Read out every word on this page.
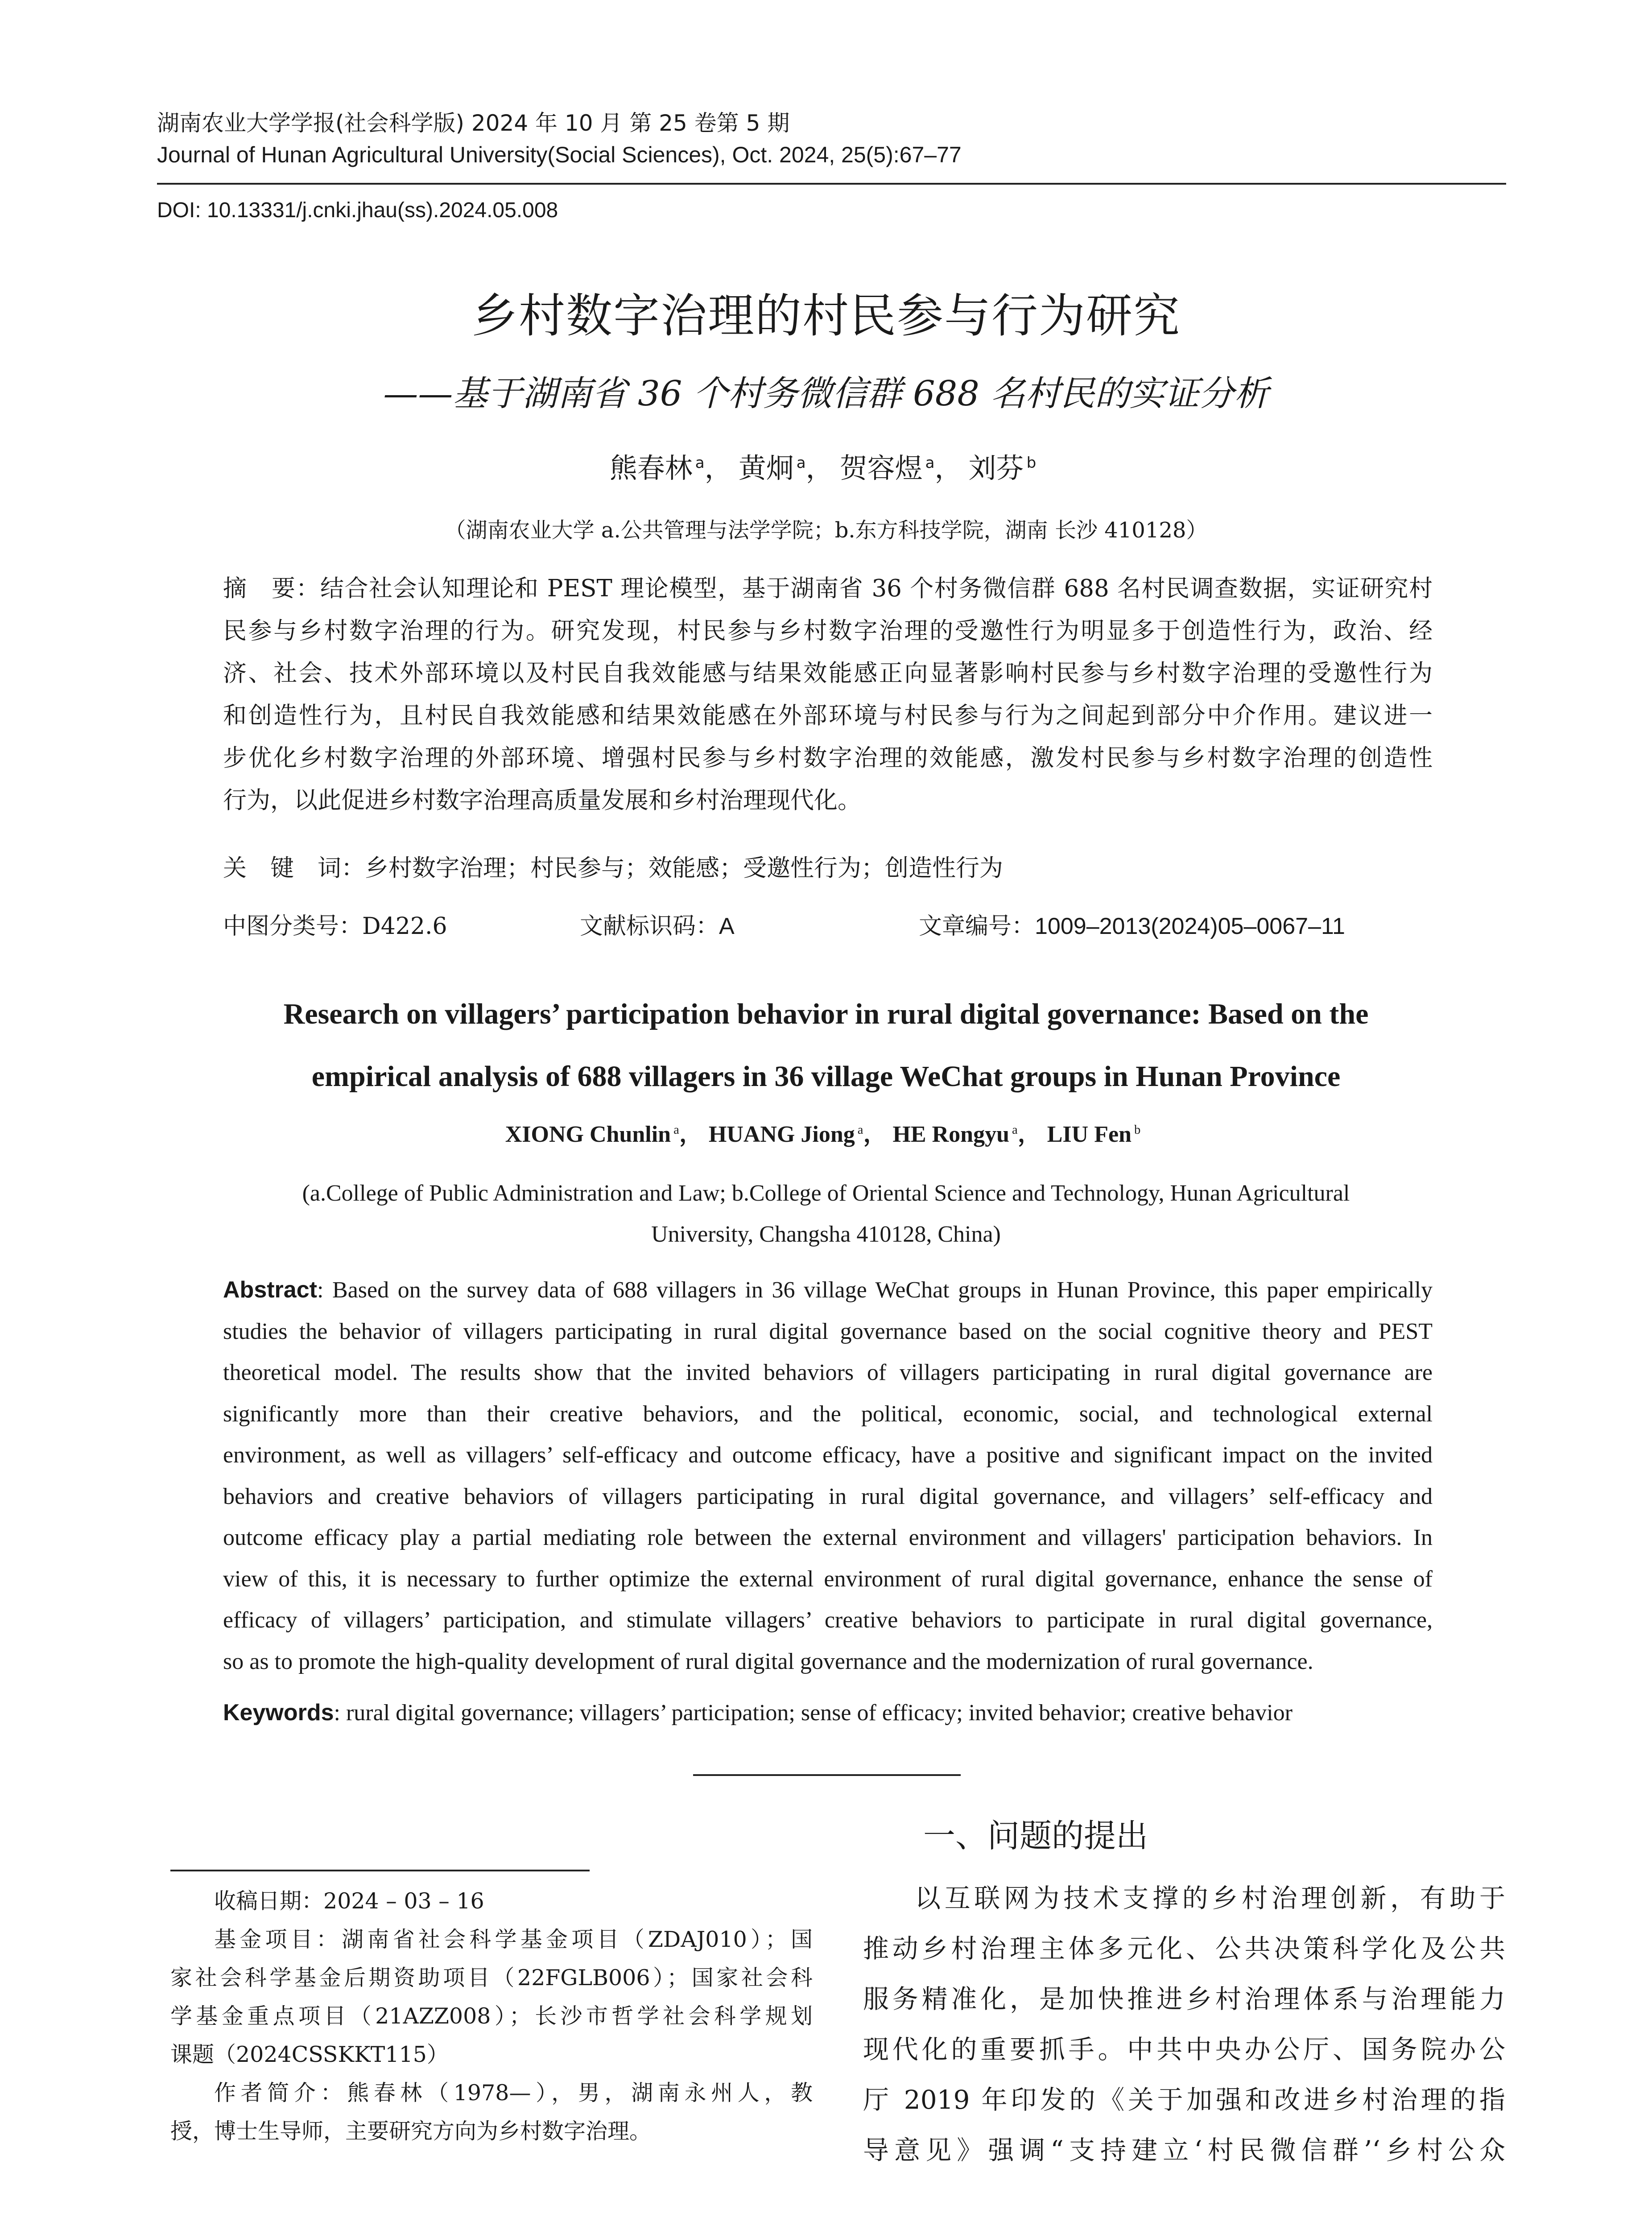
湖南农业大学学报(社会科学版) 2024 年 10 月 第 25 卷第 5 期
Journal of Hunan Agricultural University(Social Sciences), Oct. 2024, 25(5):67–77
DOI: 10.13331/j.cnki.jhau(ss).2024.05.008
乡村数字治理的村民参与行为研究
——基于湖南省 36 个村务微信群 688 名村民的实证分析
熊春林 $^a$， 黄炯 $^a$， 贺容煜 $^a$， 刘芬 $^b$
（湖南农业大学 a.公共管理与法学学院；b.东方科技学院，湖南 长沙 410128）
摘　要：结合社会认知理论和 PEST 理论模型，基于湖南省 36 个村务微信群 688 名村民调查数据，实证研究村
民参与乡村数字治理的行为。研究发现，村民参与乡村数字治理的受邀性行为明显多于创造性行为，政治、经
济、社会、技术外部环境以及村民自我效能感与结果效能感正向显著影响村民参与乡村数字治理的受邀性行为
和创造性行为，且村民自我效能感和结果效能感在外部环境与村民参与行为之间起到部分中介作用。建议进一
步优化乡村数字治理的外部环境、增强村民参与乡村数字治理的效能感，激发村民参与乡村数字治理的创造性
行为，以此促进乡村数字治理高质量发展和乡村治理现代化。
关　键　词：乡村数字治理；村民参与；效能感；受邀性行为；创造性行为
中图分类号：D422.6	文献标识码：A	文章编号：1009–2013(2024)05–0067–11
Research on villagers’ participation behavior in rural digital governance: Based on the
empirical analysis of 688 villagers in 36 village WeChat groups in Hunan Province
XIONG Chunlin $^a$， HUANG Jiong $^a$， HE Rongyu $^a$， LIU Fen $^b$
(a.College of Public Administration and Law; b.College of Oriental Science and Technology, Hunan Agricultural
University, Changsha 410128, China)
Abstract: Based on the survey data of 688 villagers in 36 village WeChat groups in Hunan Province, this paper empirically
studies the behavior of villagers participating in rural digital governance based on the social cognitive theory and PEST
theoretical model. The results show that the invited behaviors of villagers participating in rural digital governance are
significantly more than their creative behaviors, and the political, economic, social, and technological external
environment, as well as villagers’ self-efficacy and outcome efficacy, have a positive and significant impact on the invited
behaviors and creative behaviors of villagers participating in rural digital governance, and villagers’ self-efficacy and
outcome efficacy play a partial mediating role between the external environment and villagers' participation behaviors. In
view of this, it is necessary to further optimize the external environment of rural digital governance, enhance the sense of
efficacy of villagers’ participation, and stimulate villagers’ creative behaviors to participate in rural digital governance,
so as to promote the high-quality development of rural digital governance and the modernization of rural governance.
Keywords: rural digital governance; villagers’ participation; sense of efficacy; invited behavior; creative behavior
收稿日期：2024 – 03 – 16
基金项目：湖南省社会科学基金项目（ZDAJ010）；国
家社会科学基金后期资助项目（22FGLB006）；国家社会科
学基金重点项目（21AZZ008）；长沙市哲学社会科学规划
课题（2024CSSKKT115）
作者简介：熊春林（1978—），男，湖南永州人，教
授，博士生导师，主要研究方向为乡村数字治理。
一、问题的提出
以互联网为技术支撑的乡村治理创新，有助于
推动乡村治理主体多元化、公共决策科学化及公共
服务精准化，是加快推进乡村治理体系与治理能力
现代化的重要抓手。中共中央办公厅、国务院办公
厅 2019 年印发的《关于加强和改进乡村治理的指
导意见》强调“支持建立‘村民微信群’‘乡村公众
